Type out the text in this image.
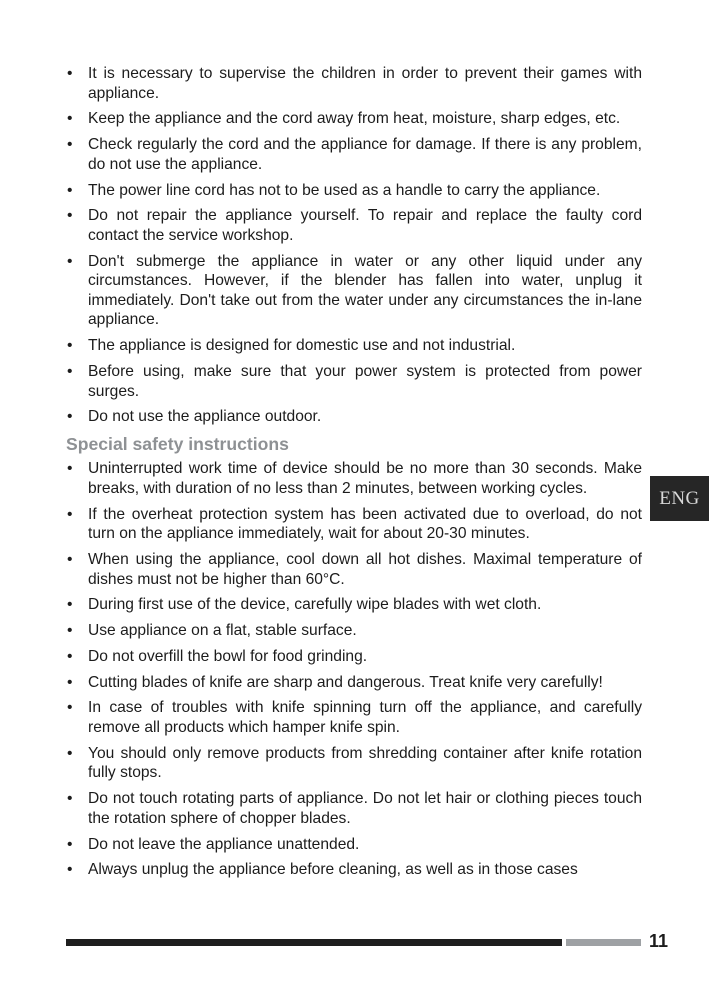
• It is necessary to supervise the children in order to prevent their games with appliance.
• Keep the appliance and the cord away from heat, moisture, sharp edges, etc.
• Check regularly the cord and the appliance for damage. If there is any problem, do not use the appliance.
• The power line cord has not to be used as a handle to carry the appliance.
• Do not repair the appliance yourself. To repair and replace the faulty cord contact the service workshop.
• Don't submerge the appliance in water or any other liquid under any circumstances. However, if the blender has fallen into water, unplug it immediately. Don't take out from the water under any circumstances the in-lane appliance.
• The appliance is designed for domestic use and not industrial.
• Before using, make sure that your power system is protected from power surges.
• Do not use the appliance outdoor.
Special safety instructions
• Uninterrupted work time of device should be no more than 30 seconds. Make breaks, with duration of no less than 2 minutes, between working cycles.
• If the overheat protection system has been activated due to overload, do not turn on the appliance immediately, wait for about 20-30 minutes.
• When using the appliance, cool down all hot dishes. Maximal temperature of dishes must not be higher than 60°C.
• During first use of the device, carefully wipe blades with wet cloth.
• Use appliance on a flat, stable surface.
• Do not overfill the bowl for food grinding.
• Cutting blades of knife are sharp and dangerous. Treat knife very carefully!
• In case of troubles with knife spinning turn off the appliance, and carefully remove all products which hamper knife spin.
• You should only remove products from shredding container after knife rotation fully stops.
• Do not touch rotating parts of appliance. Do not let hair or clothing pieces touch the rotation sphere of chopper blades.
• Do not leave the appliance unattended.
• Always unplug the appliance before cleaning, as well as in those cases
ENG
11
